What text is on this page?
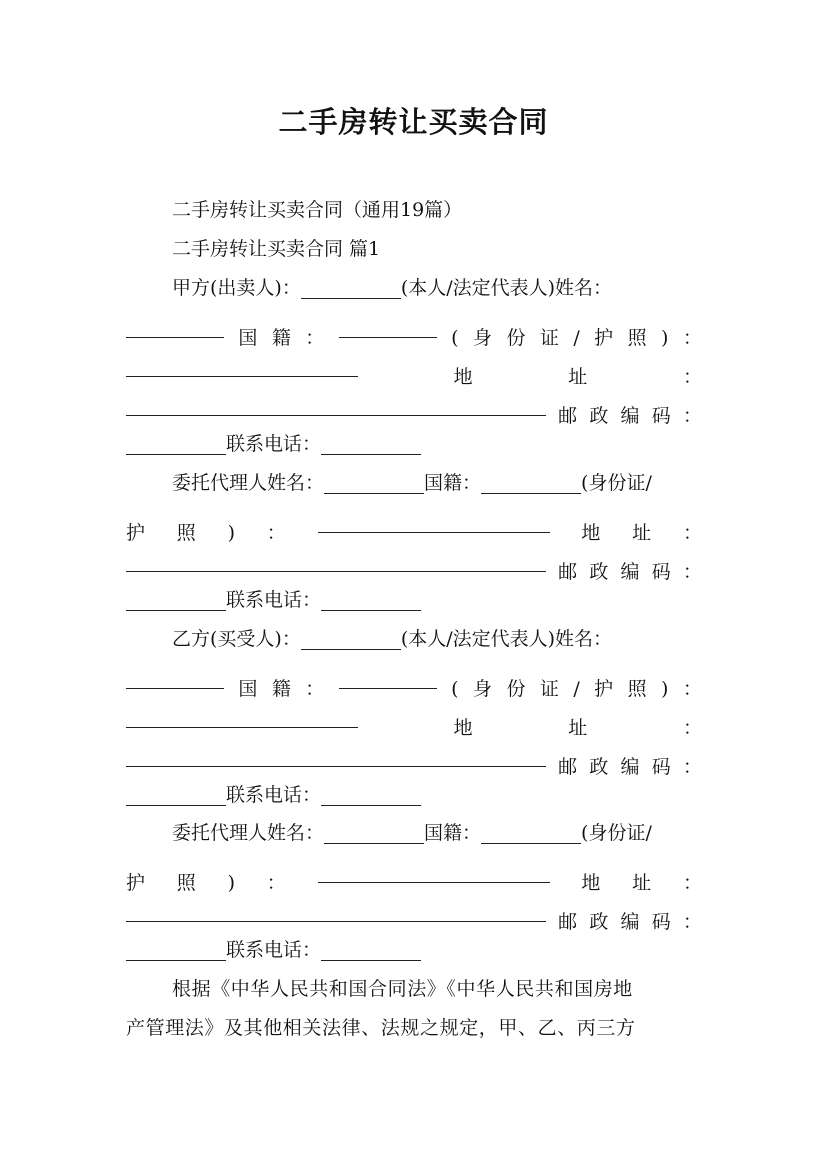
二手房转让买卖合同
二手房转让买卖合同（通用19篇）
二手房转让买卖合同 篇1
甲方(出卖人)：	(本人/法定代表人)姓名：
国 籍 ：	( 身 份 证 / 护 照 ) ：
地	址	：
邮 政 编 码 ：
联系电话：
委托代理人姓名：	国籍：	(身份证/
护 照 ) ：	地 址 ：
邮 政 编 码 ：
联系电话：
乙方(买受人)：	(本人/法定代表人)姓名：
国 籍 ：	( 身 份 证 / 护 照 ) ：
地	址	：
邮 政 编 码 ：
联系电话：
委托代理人姓名：	国籍：	(身份证/
护 照 ) ：	地 址 ：
邮 政 编 码 ：
联系电话：
根据《中华人民共和国合同法》《中华人民共和国房地
产管理法》及其他相关法律、法规之规定，甲、乙、丙三方
